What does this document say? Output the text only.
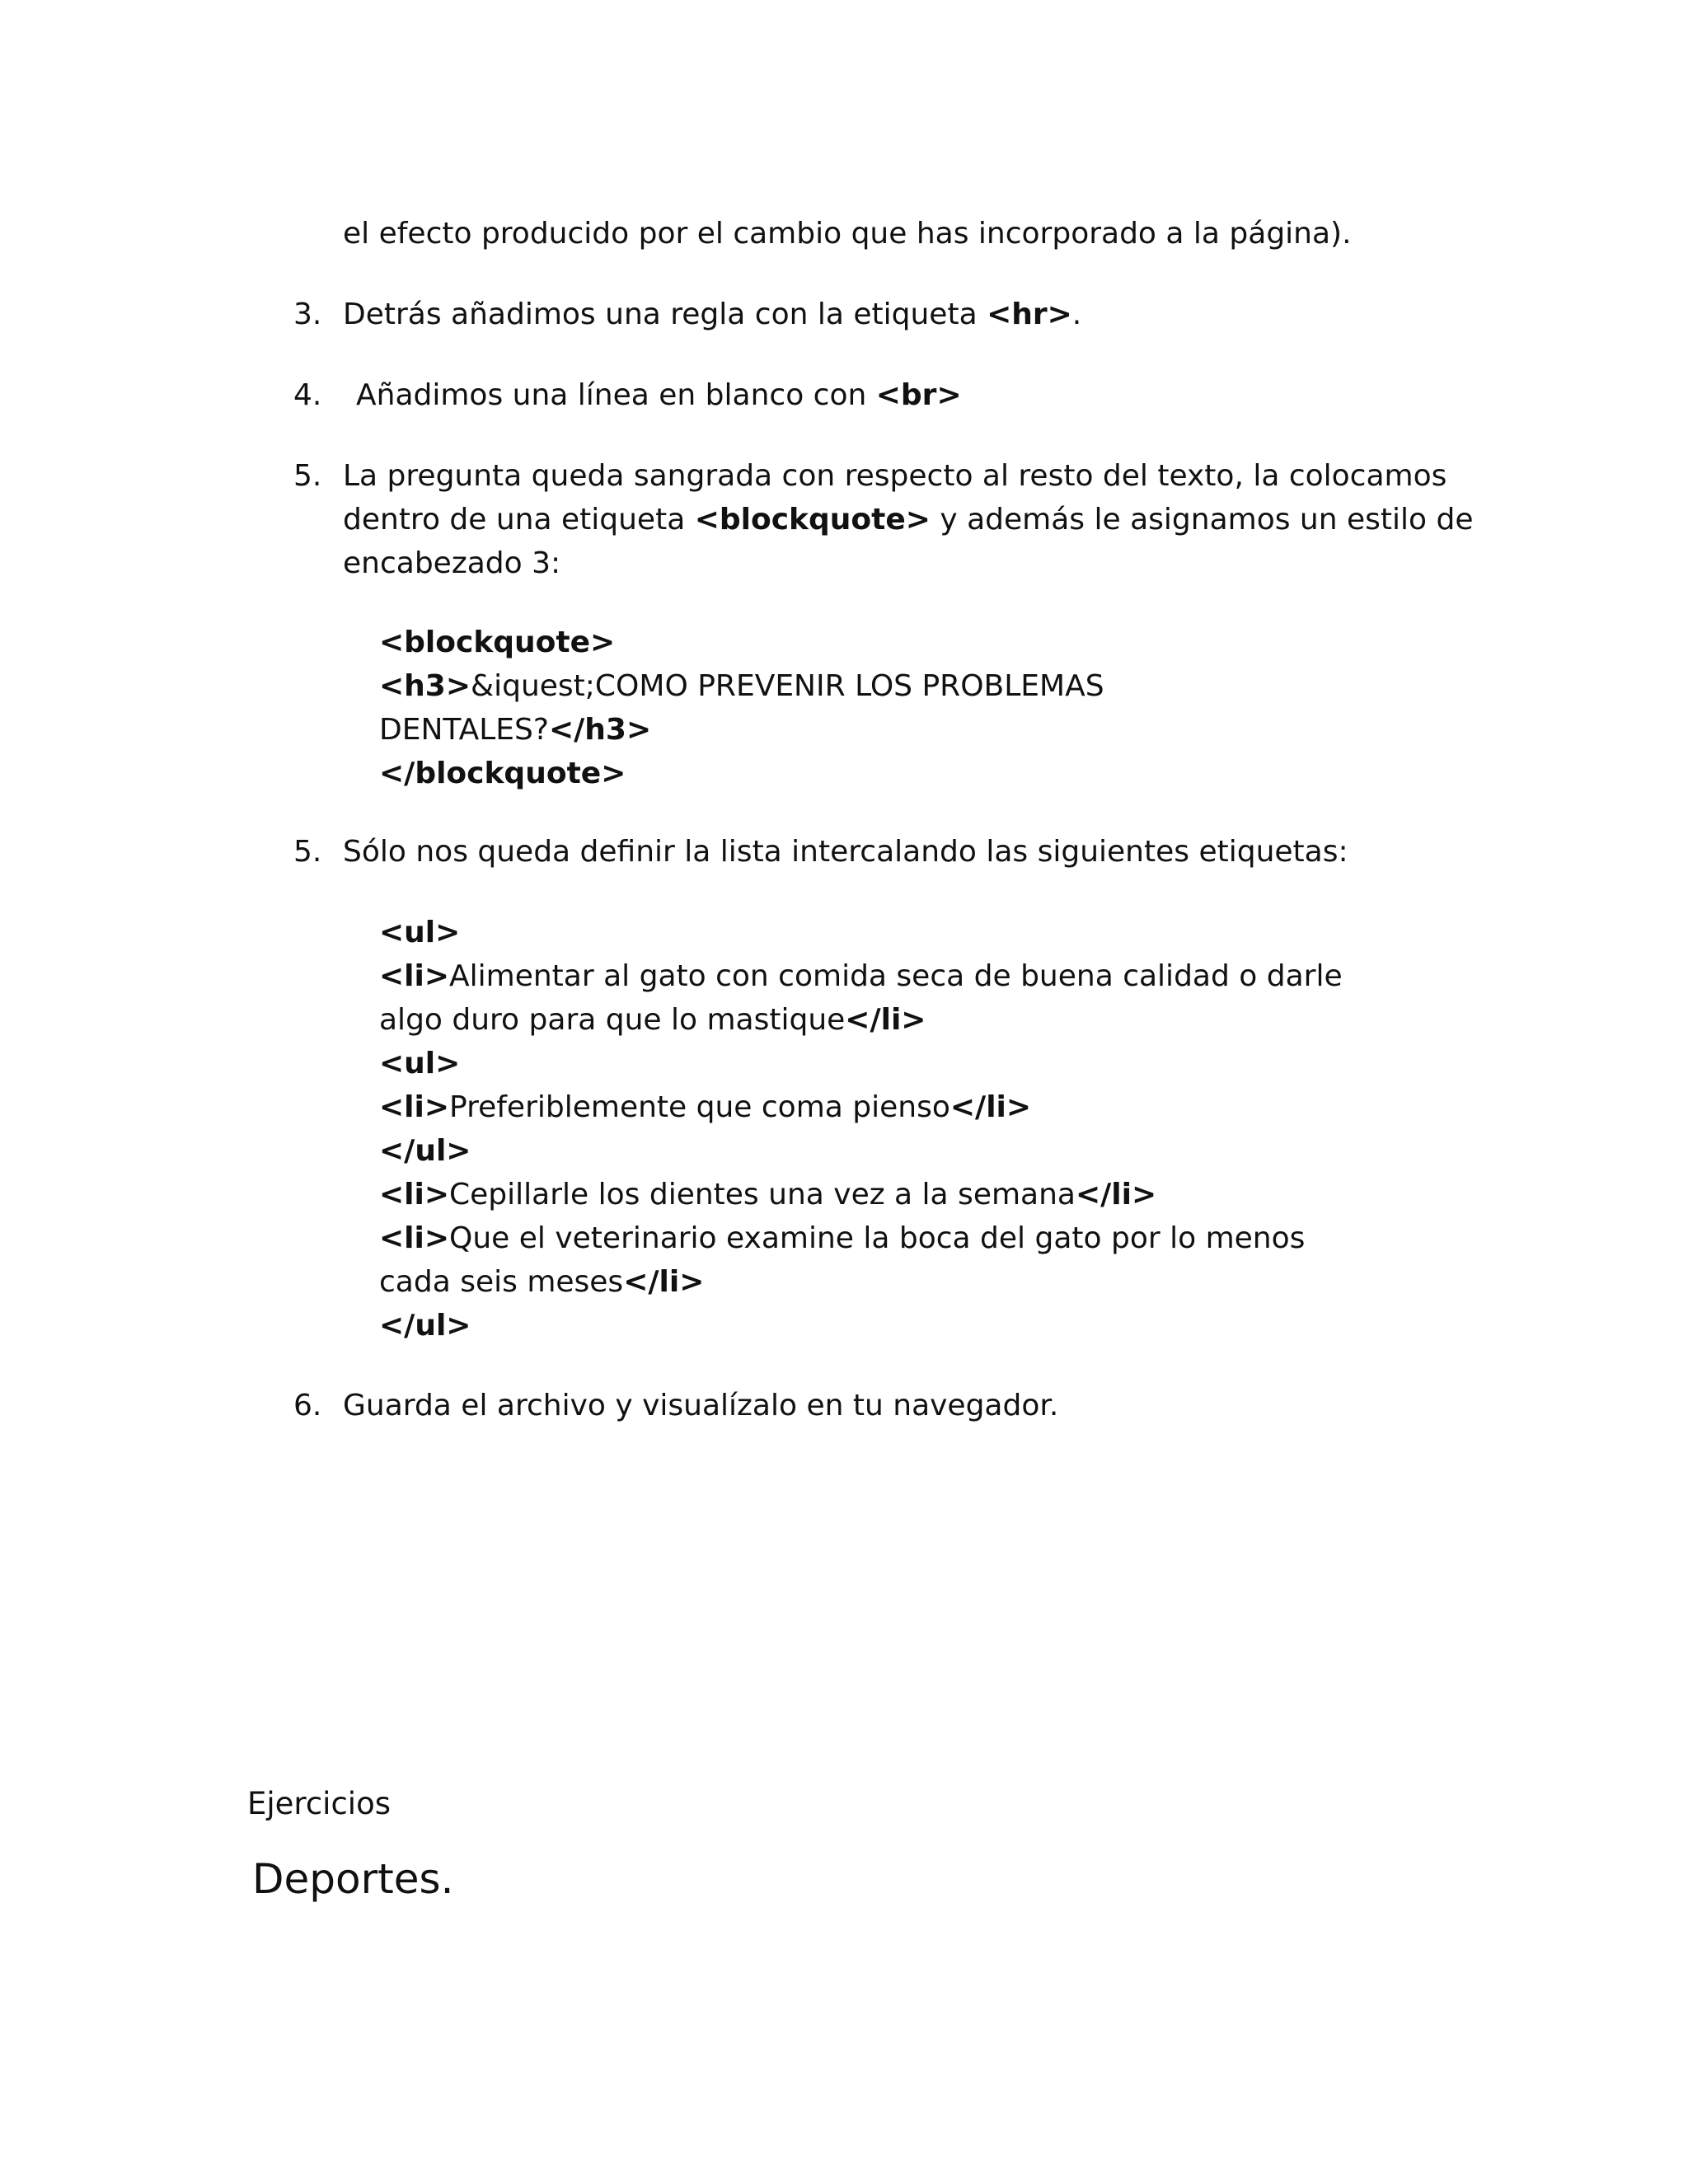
el efecto producido por el cambio que has incorporado a la página).
3. Detrás añadimos una regla con la etiqueta <hr>.
4. Añadimos una línea en blanco con <br>
5. La pregunta queda sangrada con respecto al resto del texto, la colocamos
dentro de una etiqueta <blockquote> y además le asignamos un estilo de
encabezado 3:
<blockquote>
<h3>&iquest;COMO PREVENIR LOS PROBLEMAS
DENTALES?</h3>
</blockquote>
5. Sólo nos queda definir la lista intercalando las siguientes etiquetas:
<ul>
<li>Alimentar al gato con comida seca de buena calidad o darle
algo duro para que lo mastique</li>
<ul>
<li>Preferiblemente que coma pienso</li>
</ul>
<li>Cepillarle los dientes una vez a la semana</li>
<li>Que el veterinario examine la boca del gato por lo menos
cada seis meses</li>
</ul>
6. Guarda el archivo y visualízalo en tu navegador.
Ejercicios
Deportes.
